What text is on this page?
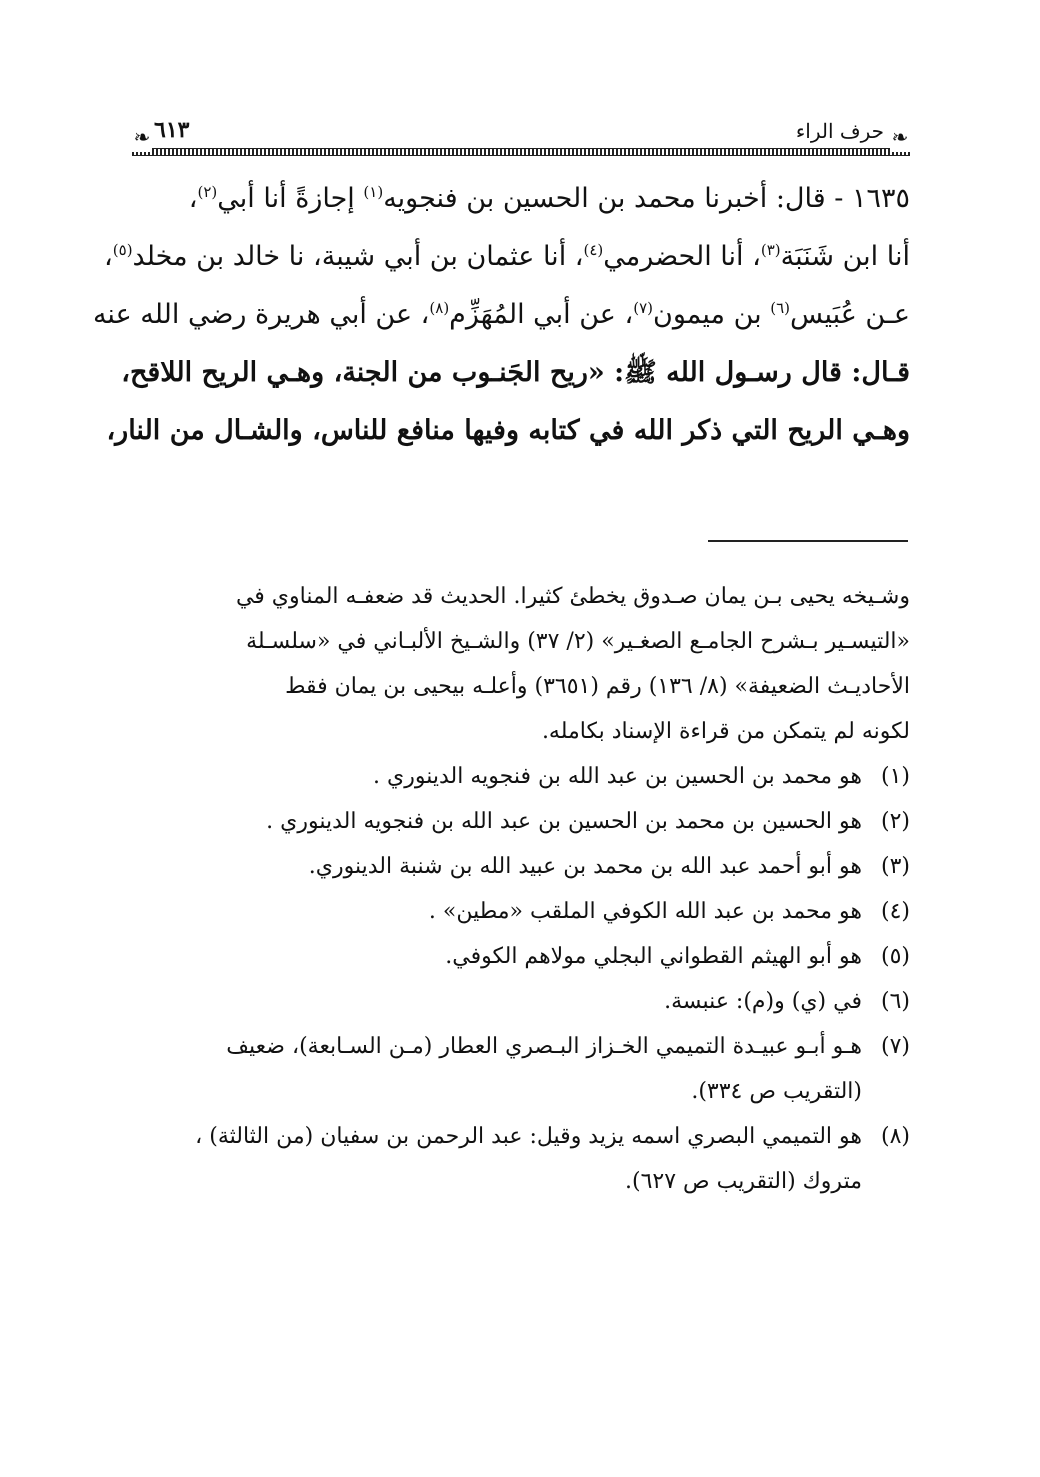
❧
حرف الراء
٦١٣
❧
١٦٣٥ - قال: أخبرنا محمد بن الحسين بن فنجويه$^{(١)}$ إجازةً أنا أبي$^{(٢)}$،
أنا ابن شَنَبَة$^{(٣)}$، أنا الحضرمي$^{(٤)}$، أنا عثمان بن أبي شيبة، نا خالد بن مخلد$^{(٥)}$،
عـن عُبَيس$^{(٦)}$ بن ميمون$^{(٧)}$، عن أبي المُهَزِّم$^{(٨)}$، عن أبي هريرة رضي الله عنه
قـال: قال رسـول الله ﷺ: «ريح الجَنـوب من الجنة، وهـي الريح اللاقح،
وهـي الريح التي ذكر الله في كتابه وفيها منافع للناس، والشـال من النار،
وشـيخه يحيى بـن يمان صـدوق يخطئ كثيرا. الحديث قد ضعفـه المناوي في
«التيسـير بـشرح الجامـع الصغـير» (٢/ ٣٧) والشـيخ الألبـاني في «سلسـلة
الأحاديـث الضعيفة» (٨/ ١٣٦) رقم (٣٦٥١) وأعلـه بيحيى بن يمان فقط
لكونه لم يتمكن من قراءة الإسناد بكامله.
(١)
هو محمد بن الحسين بن عبد الله بن فنجويه الدينوري .
(٢)
هو الحسين بن محمد بن الحسين بن عبد الله بن فنجويه الدينوري .
(٣)
هو أبو أحمد عبد الله بن محمد بن عبيد الله بن شنبة الدينوري.
(٤)
هو محمد بن عبد الله الكوفي الملقب «مطين» .
(٥)
هو أبو الهيثم القطواني البجلي مولاهم الكوفي.
(٦)
في (ي) و(م): عنبسة.
(٧)
هـو أبـو عبيـدة التميمي الخـزاز البـصري العطار (مـن السـابعة)، ضعيف
(التقريب ص ٣٣٤).
(٨)
هو التميمي البصري اسمه يزيد وقيل: عبد الرحمن بن سفيان (من الثالثة) ،
متروك (التقريب ص ٦٢٧).
